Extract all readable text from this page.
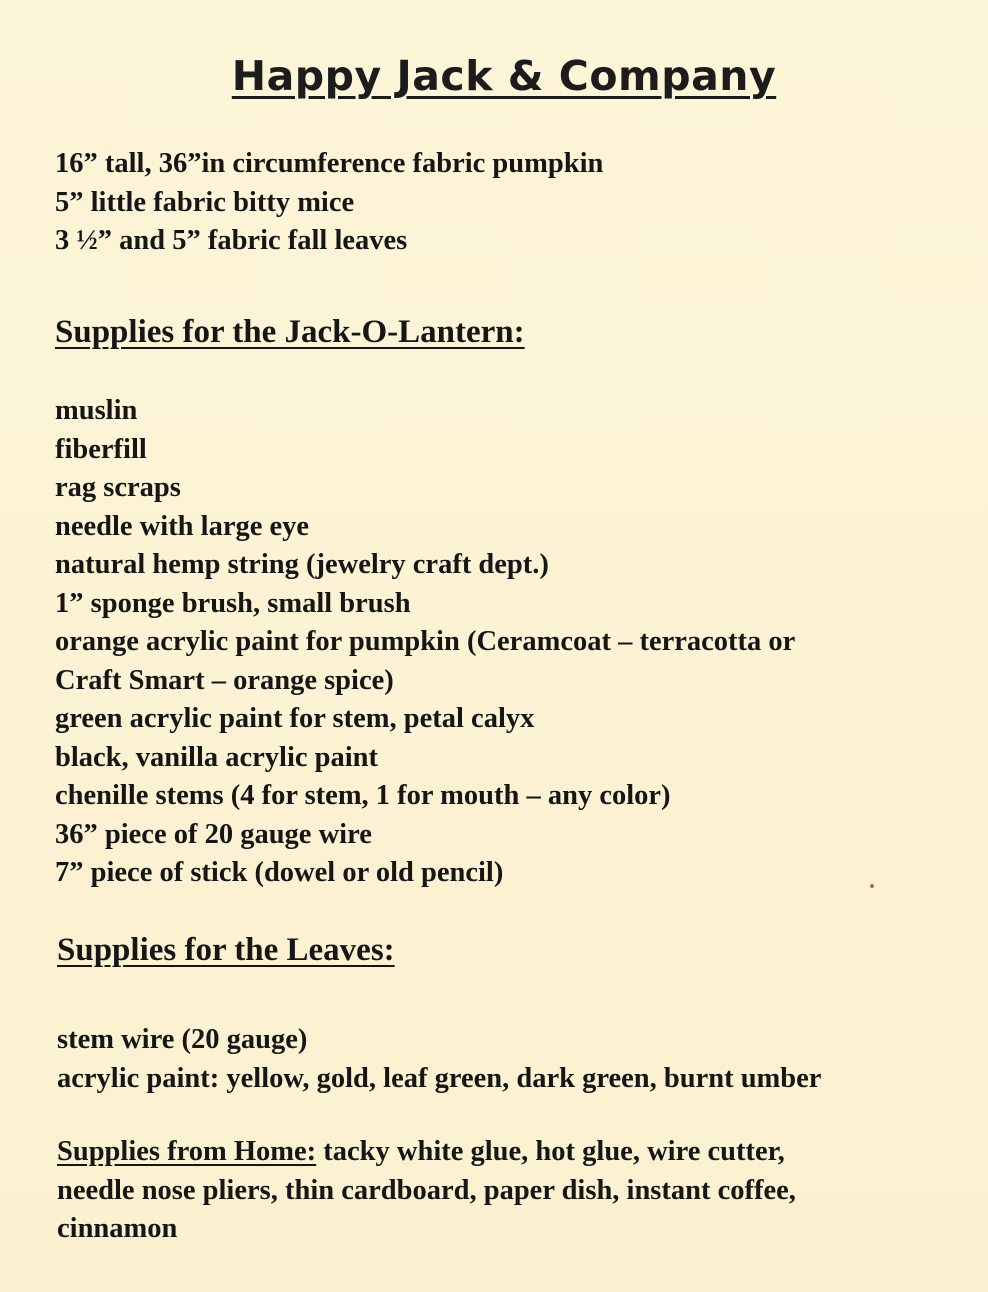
Happy Jack & Company
16” tall, 36”in circumference fabric pumpkin
5” little fabric bitty mice
3 ½” and 5” fabric fall leaves
Supplies for the Jack-O-Lantern:
muslin
fiberfill
rag scraps
needle with large eye
natural hemp string (jewelry craft dept.)
1” sponge brush, small brush
orange acrylic paint for pumpkin (Ceramcoat – terracotta or
Craft Smart – orange spice)
green acrylic paint for stem, petal calyx
black, vanilla acrylic paint
chenille stems (4 for stem, 1 for mouth – any color)
36” piece of 20 gauge wire
7” piece of stick (dowel or old pencil)
Supplies for the Leaves:
stem wire (20 gauge)
acrylic paint: yellow, gold, leaf green, dark green, burnt umber
Supplies from Home: tacky white glue, hot glue, wire cutter,
needle nose pliers, thin cardboard, paper dish, instant coffee,
cinnamon
